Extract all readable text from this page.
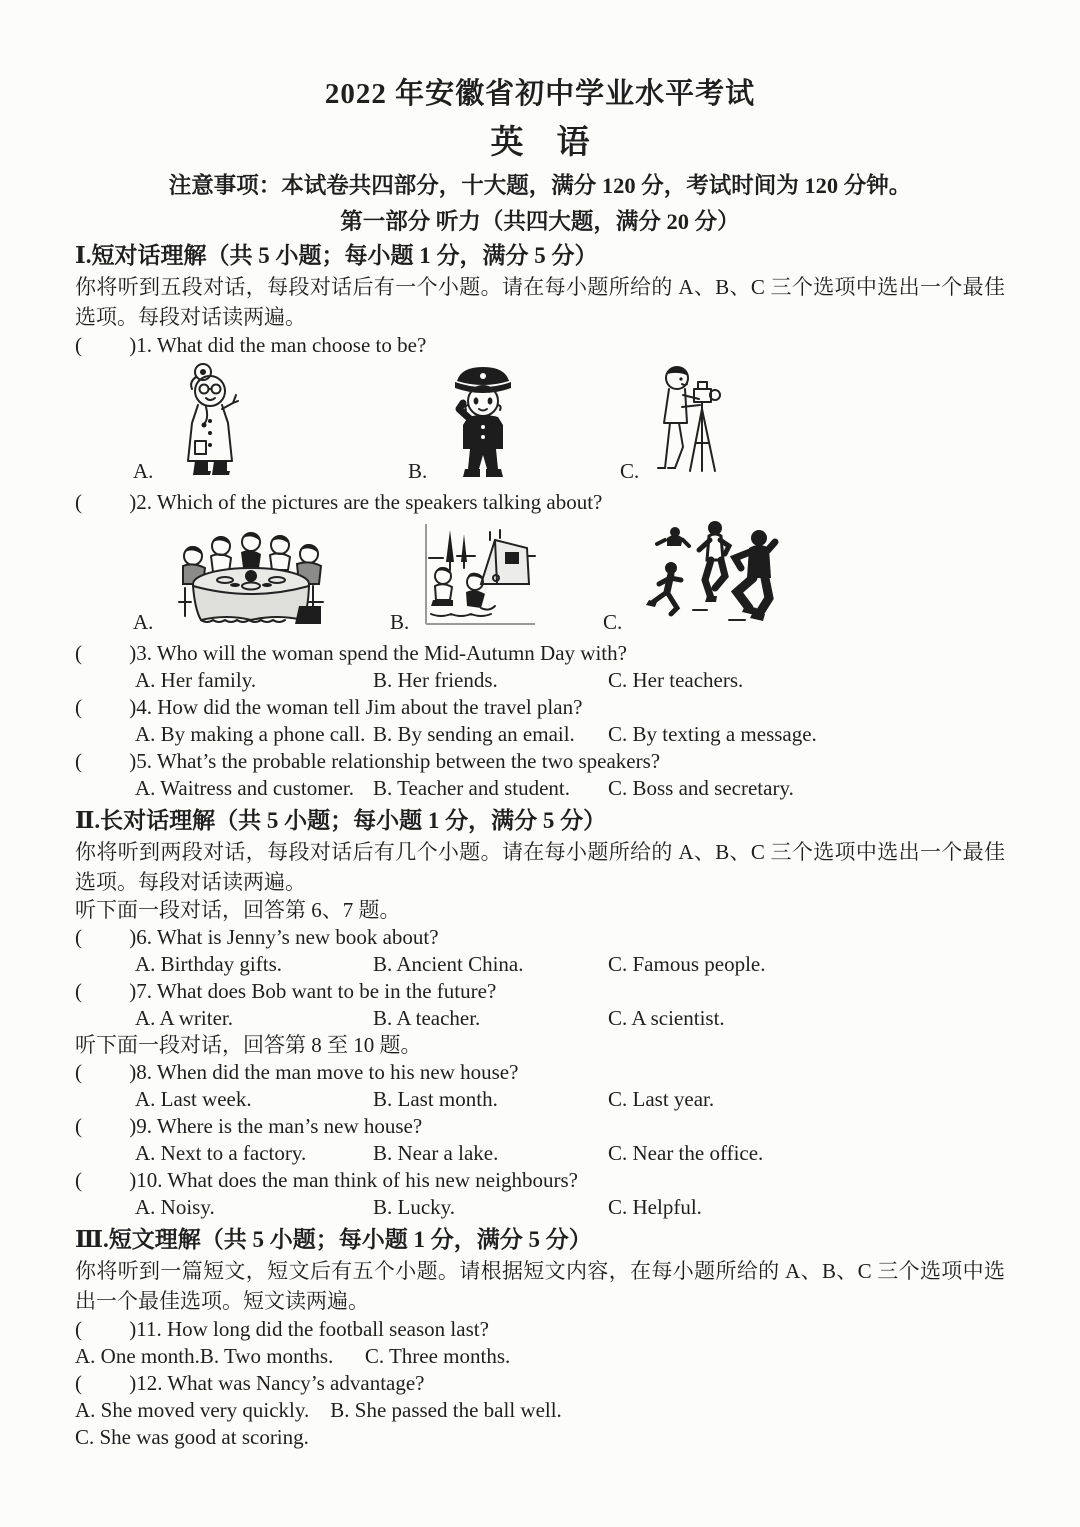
2022 年安徽省初中学业水平考试
英    语
注意事项：本试卷共四部分，十大题，满分 120 分，考试时间为 120 分钟。
第一部分 听力（共四大题，满分 20 分）
Ⅰ.短对话理解（共 5 小题；每小题 1 分，满分 5 分）
你将听到五段对话，每段对话后有一个小题。请在每小题所给的 A、B、C 三个选项中选出一个最佳选项。每段对话读两遍。
(         )1. What did the man choose to be?
A.	B.	C.
(         )2. Which of the pictures are the speakers talking about?
A.	B.	C.
(         )3. Who will the woman spend the Mid-Autumn Day with?
A. Her family.	B. Her friends.	C. Her teachers.
(         )4. How did the woman tell Jim about the travel plan?
A. By making a phone call. B. By sending an email.	C. By texting a message.
(         )5. What’s the probable relationship between the two speakers?
A. Waitress and customer. B. Teacher and student.	C. Boss and secretary.
Ⅱ.长对话理解（共 5 小题；每小题 1 分，满分 5 分）
你将听到两段对话，每段对话后有几个小题。请在每小题所给的 A、B、C 三个选项中选出一个最佳选项。每段对话读两遍。
听下面一段对话，回答第 6、7 题。
(         )6. What is Jenny’s new book about?
A. Birthday gifts.	B. Ancient China.	C. Famous people.
(         )7. What does Bob want to be in the future?
A. A writer.	B. A teacher.	C. A scientist.
听下面一段对话，回答第 8 至 10 题。
(         )8. When did the man move to his new house?
A. Last week.	B. Last month.	C. Last year.
(         )9. Where is the man’s new house?
A. Next to a factory.	B. Near a lake.	C. Near the office.
(         )10. What does the man think of his new neighbours?
A. Noisy.	B. Lucky.	C. Helpful.
Ⅲ.短文理解（共 5 小题；每小题 1 分，满分 5 分）
你将听到一篇短文，短文后有五个小题。请根据短文内容，在每小题所给的 A、B、C 三个选项中选出一个最佳选项。短文读两遍。
(         )11. How long did the football season last?
A. One month.B. Two months.      C. Three months.
(         )12. What was Nancy’s advantage?
A. She moved very quickly.    B. She passed the ball well.
C. She was good at scoring.
